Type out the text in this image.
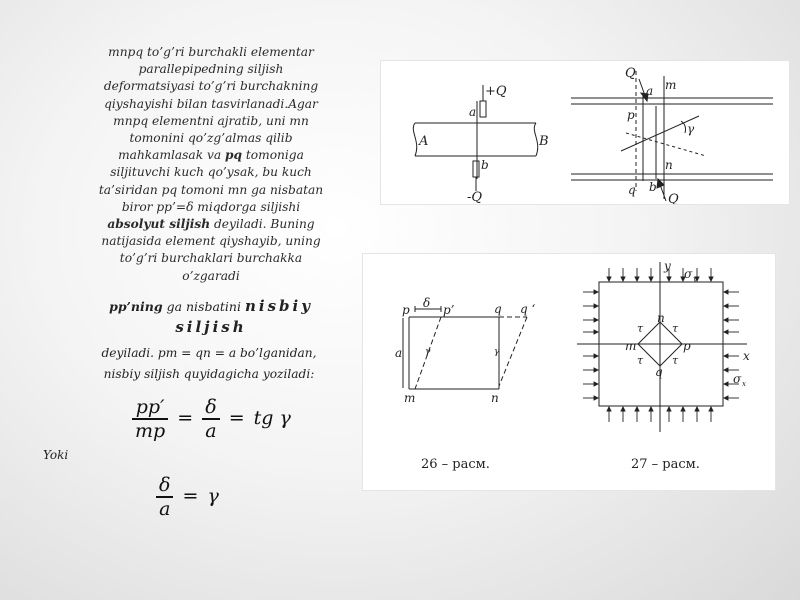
mnpq to’g’ri burchakli elementar parallepipedning siljish deformatsiyasi to’g’ri burchakning qiyshayishi bilan tasvirlanadi.Agar mnpq elementni ajratib, uni mn tomonini qo’zg’almas qilib mahkamlasak va pq tomoniga siljituvchi kuch qo’ysak, bu kuch ta’siridan pq tomoni mn ga nisbatan biror pp’=δ miqdorga siljishi absolyut siljish deyiladi. Buning natijasida element qiyshayib, uning to’g’ri burchaklari burchakka o’zgaradi
pp’ning ga nisbatini nisbiy siljish
deyiladi. pm = qn = a bo’lganidan,
nisbiy siljish quyidagicha yoziladi:
$\frac{pp'}{mp} = \frac{\delta}{a}$ = tg γ
Yoki
$\frac{\delta}{a} = \gamma$
A	B
+Q
-Q
a
b
Q
Q
a m
p
n
q b
γ
γ	γ
p δ p’	q q ‘
a
m	n
26 – расм.
y
σ y
x
σ x
n
m	p
q
τ	τ
τ	τ
27 – расм.
